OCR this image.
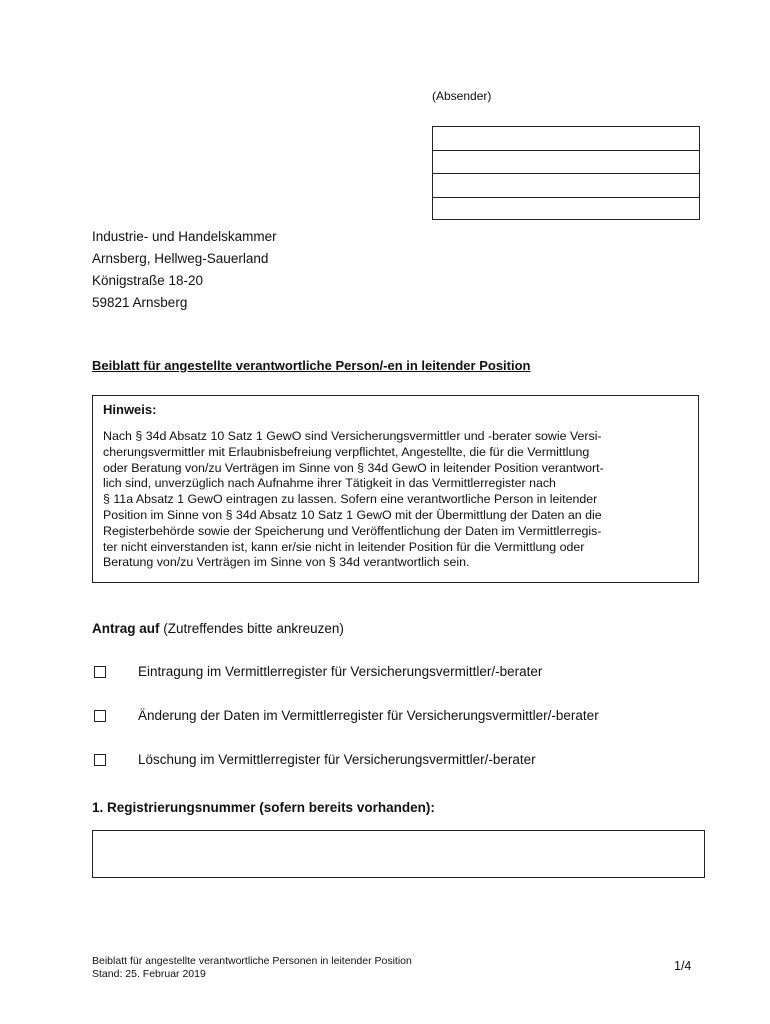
(Absender)
Industrie- und Handelskammer
Arnsberg, Hellweg-Sauerland
Königstraße 18-20
59821 Arnsberg
Beiblatt für angestellte verantwortliche Person/-en in leitender Position
Hinweis:
Nach § 34d Absatz 10 Satz 1 GewO sind Versicherungsvermittler und -berater sowie Versi-
cherungsvermittler mit Erlaubnisbefreiung verpflichtet, Angestellte, die für die Vermittlung
oder Beratung von/zu Verträgen im Sinne von § 34d GewO in leitender Position verantwort-
lich sind, unverzüglich nach Aufnahme ihrer Tätigkeit in das Vermittlerregister nach
§ 11a Absatz 1 GewO eintragen zu lassen. Sofern eine verantwortliche Person in leitender
Position im Sinne von § 34d Absatz 10 Satz 1 GewO mit der Übermittlung der Daten an die
Registerbehörde sowie der Speicherung und Veröffentlichung der Daten im Vermittlerregis-
ter nicht einverstanden ist, kann er/sie nicht in leitender Position für die Vermittlung oder
Beratung von/zu Verträgen im Sinne von § 34d verantwortlich sein.
Antrag auf (Zutreffendes bitte ankreuzen)
Eintragung im Vermittlerregister für Versicherungsvermittler/-berater
Änderung der Daten im Vermittlerregister für Versicherungsvermittler/-berater
Löschung im Vermittlerregister für Versicherungsvermittler/-berater
1. Registrierungsnummer (sofern bereits vorhanden):
Beiblatt für angestellte verantwortliche Personen in leitender Position
Stand: 25. Februar 2019
1/4
